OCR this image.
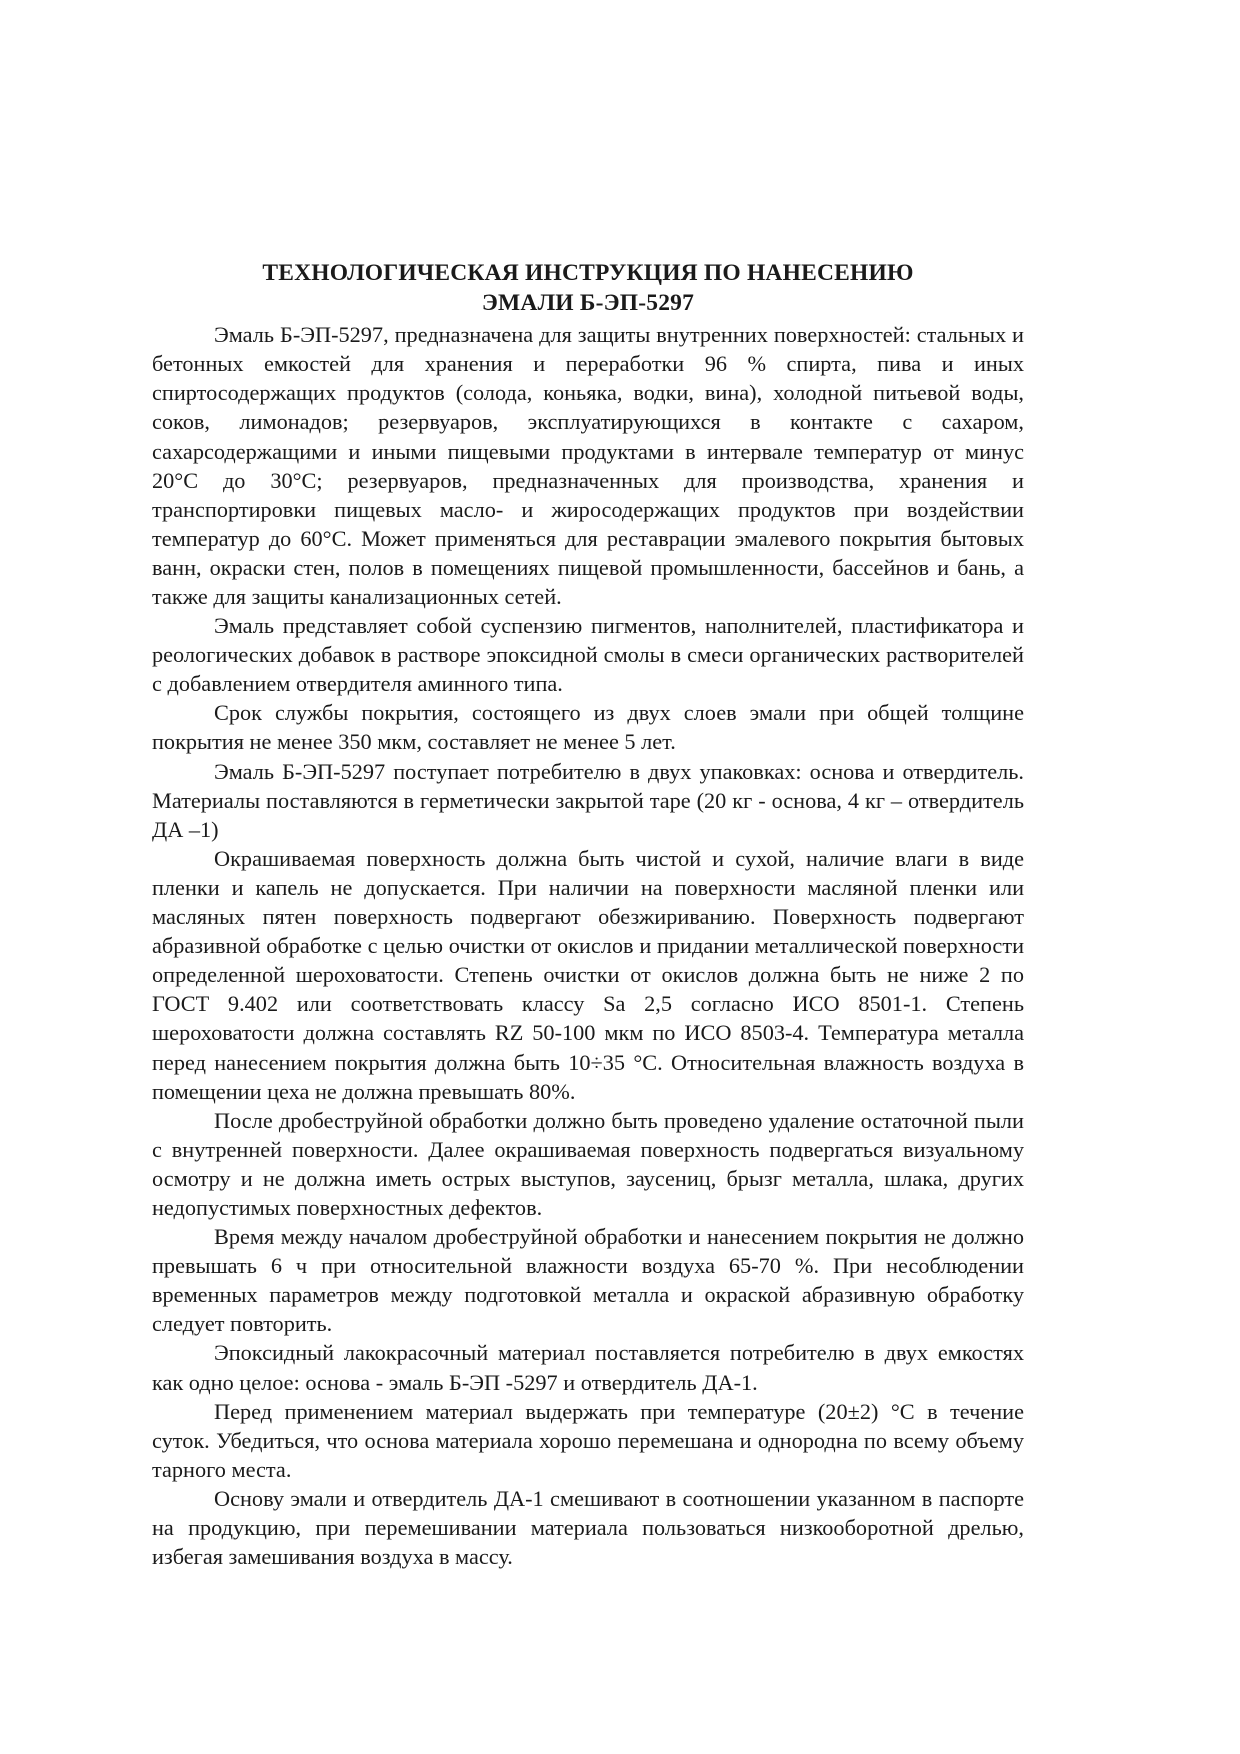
ТЕХНОЛОГИЧЕСКАЯ ИНСТРУКЦИЯ ПО НАНЕСЕНИЮ
ЭМАЛИ Б-ЭП-5297

Эмаль Б-ЭП-5297, предназначена для защиты внутренних поверхностей: стальных и бетонных емкостей для хранения и переработки 96 % спирта, пива и иных спиртосодержащих продуктов (солода, коньяка, водки, вина), холодной питьевой воды, соков, лимонадов; резервуаров, эксплуатирующихся в контакте с сахаром, сахарсодержащими и иными пищевыми продуктами в интервале температур от минус 20°С до 30°С; резервуаров, предназначенных для производства, хранения и транспортировки пищевых масло- и жиросодержащих продуктов при воздействии температур до 60°С. Может применяться для реставрации эмалевого покрытия бытовых ванн, окраски стен, полов в помещениях пищевой промышленности, бассейнов и бань, а также для защиты канализационных сетей.

Эмаль представляет собой суспензию пигментов, наполнителей, пластификатора и реологических добавок в растворе эпоксидной смолы в смеси органических растворителей с добавлением отвердителя аминного типа.

Срок службы покрытия, состоящего из двух слоев эмали при общей толщине покрытия не менее 350 мкм, составляет не менее 5 лет.

Эмаль Б-ЭП-5297 поступает потребителю в двух упаковках: основа и отвердитель. Материалы поставляются в герметически закрытой таре (20 кг - основа, 4 кг – отвердитель ДА –1)

Окрашиваемая поверхность должна быть чистой и сухой, наличие влаги в виде пленки и капель не допускается. При наличии на поверхности масляной пленки или масляных пятен поверхность подвергают обезжириванию. Поверхность подвергают абразивной обработке с целью очистки от окислов и придании металлической поверхности определенной шероховатости. Степень очистки от окислов должна быть не ниже 2 по ГОСТ 9.402 или соответствовать классу Sa 2,5 согласно ИСО 8501-1. Степень шероховатости должна составлять RZ 50-100 мкм по ИСО 8503-4. Температура металла перед нанесением покрытия должна быть 10÷35 °С. Относительная влажность воздуха в помещении цеха не должна превышать 80%.

После дробеструйной обработки должно быть проведено удаление остаточной пыли с внутренней поверхности. Далее окрашиваемая поверхность подвергаться визуальному осмотру и не должна иметь острых выступов, заусениц, брызг металла, шлака, других недопустимых поверхностных дефектов.

Время между началом дробеструйной обработки и нанесением покрытия не должно превышать 6 ч при относительной влажности воздуха 65-70 %. При несоблюдении временных параметров между подготовкой металла и окраской абразивную обработку следует повторить.

Эпоксидный лакокрасочный материал поставляется потребителю в двух емкостях как одно целое: основа - эмаль Б-ЭП -5297 и отвердитель ДА-1.

Перед применением материал выдержать при температуре (20±2) °С в течение суток. Убедиться, что основа материала хорошо перемешана и однородна по всему объему тарного места.

Основу эмали и отвердитель ДА-1 смешивают в соотношении указанном в паспорте на продукцию, при перемешивании материала пользоваться низкооборотной дрелью, избегая замешивания воздуха в массу.
